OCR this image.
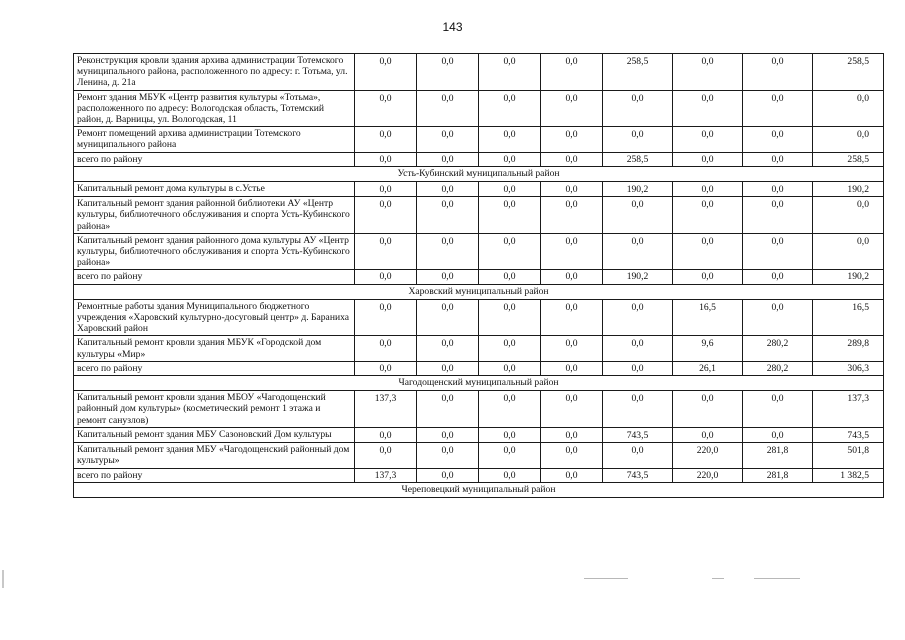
143
Реконструкция кровли здания архива администрации Тотемского муниципального района, расположенного по адресу: г. Тотьма, ул. Ленина, д. 21а	0,0	0,0	0,0	0,0	258,5	0,0	0,0	258,5
Ремонт здания МБУК «Центр развития культуры «Тотьма», расположенного по адресу: Вологодская область, Тотемский район, д. Варницы, ул. Вологодская, 11	0,0	0,0	0,0	0,0	0,0	0,0	0,0	0,0
Ремонт помещений архива администрации Тотемского муниципального района	0,0	0,0	0,0	0,0	0,0	0,0	0,0	0,0
всего по району	0,0	0,0	0,0	0,0	258,5	0,0	0,0	258,5
Усть-Кубинский муниципальный район								
Капитальный ремонт дома культуры в с.Устье	0,0	0,0	0,0	0,0	190,2	0,0	0,0	190,2
Капитальный ремонт здания районной библиотеки АУ «Центр культуры, библиотечного обслуживания и спорта Усть-Кубинского района»	0,0	0,0	0,0	0,0	0,0	0,0	0,0	0,0
Капитальный ремонт здания районного дома культуры АУ «Центр культуры, библиотечного обслуживания и спорта Усть-Кубинского района»	0,0	0,0	0,0	0,0	0,0	0,0	0,0	0,0
всего по району	0,0	0,0	0,0	0,0	190,2	0,0	0,0	190,2
Харовский муниципальный район								
Ремонтные работы здания Муниципального бюджетного учреждения «Харовский культурно-досуговый центр» д. Бараниха Харовский район	0,0	0,0	0,0	0,0	0,0	16,5	0,0	16,5
Капитальный ремонт кровли здания МБУК «Городской дом культуры «Мир»	0,0	0,0	0,0	0,0	0,0	9,6	280,2	289,8
всего по району	0,0	0,0	0,0	0,0	0,0	26,1	280,2	306,3
Чагодощенский муниципальный район								
Капитальный ремонт кровли здания МБОУ «Чагодощенский районный дом культуры» (косметический ремонт 1 этажа и ремонт санузлов)	137,3	0,0	0,0	0,0	0,0	0,0	0,0	137,3
Капитальный ремонт здания МБУ Сазоновский Дом культуры	0,0	0,0	0,0	0,0	743,5	0,0	0,0	743,5
Капитальный ремонт здания МБУ «Чагодощенский районный дом культуры»	0,0	0,0	0,0	0,0	0,0	220,0	281,8	501,8
всего по району	137,3	0,0	0,0	0,0	743,5	220,0	281,8	1 382,5
Череповецкий муниципальный район								
